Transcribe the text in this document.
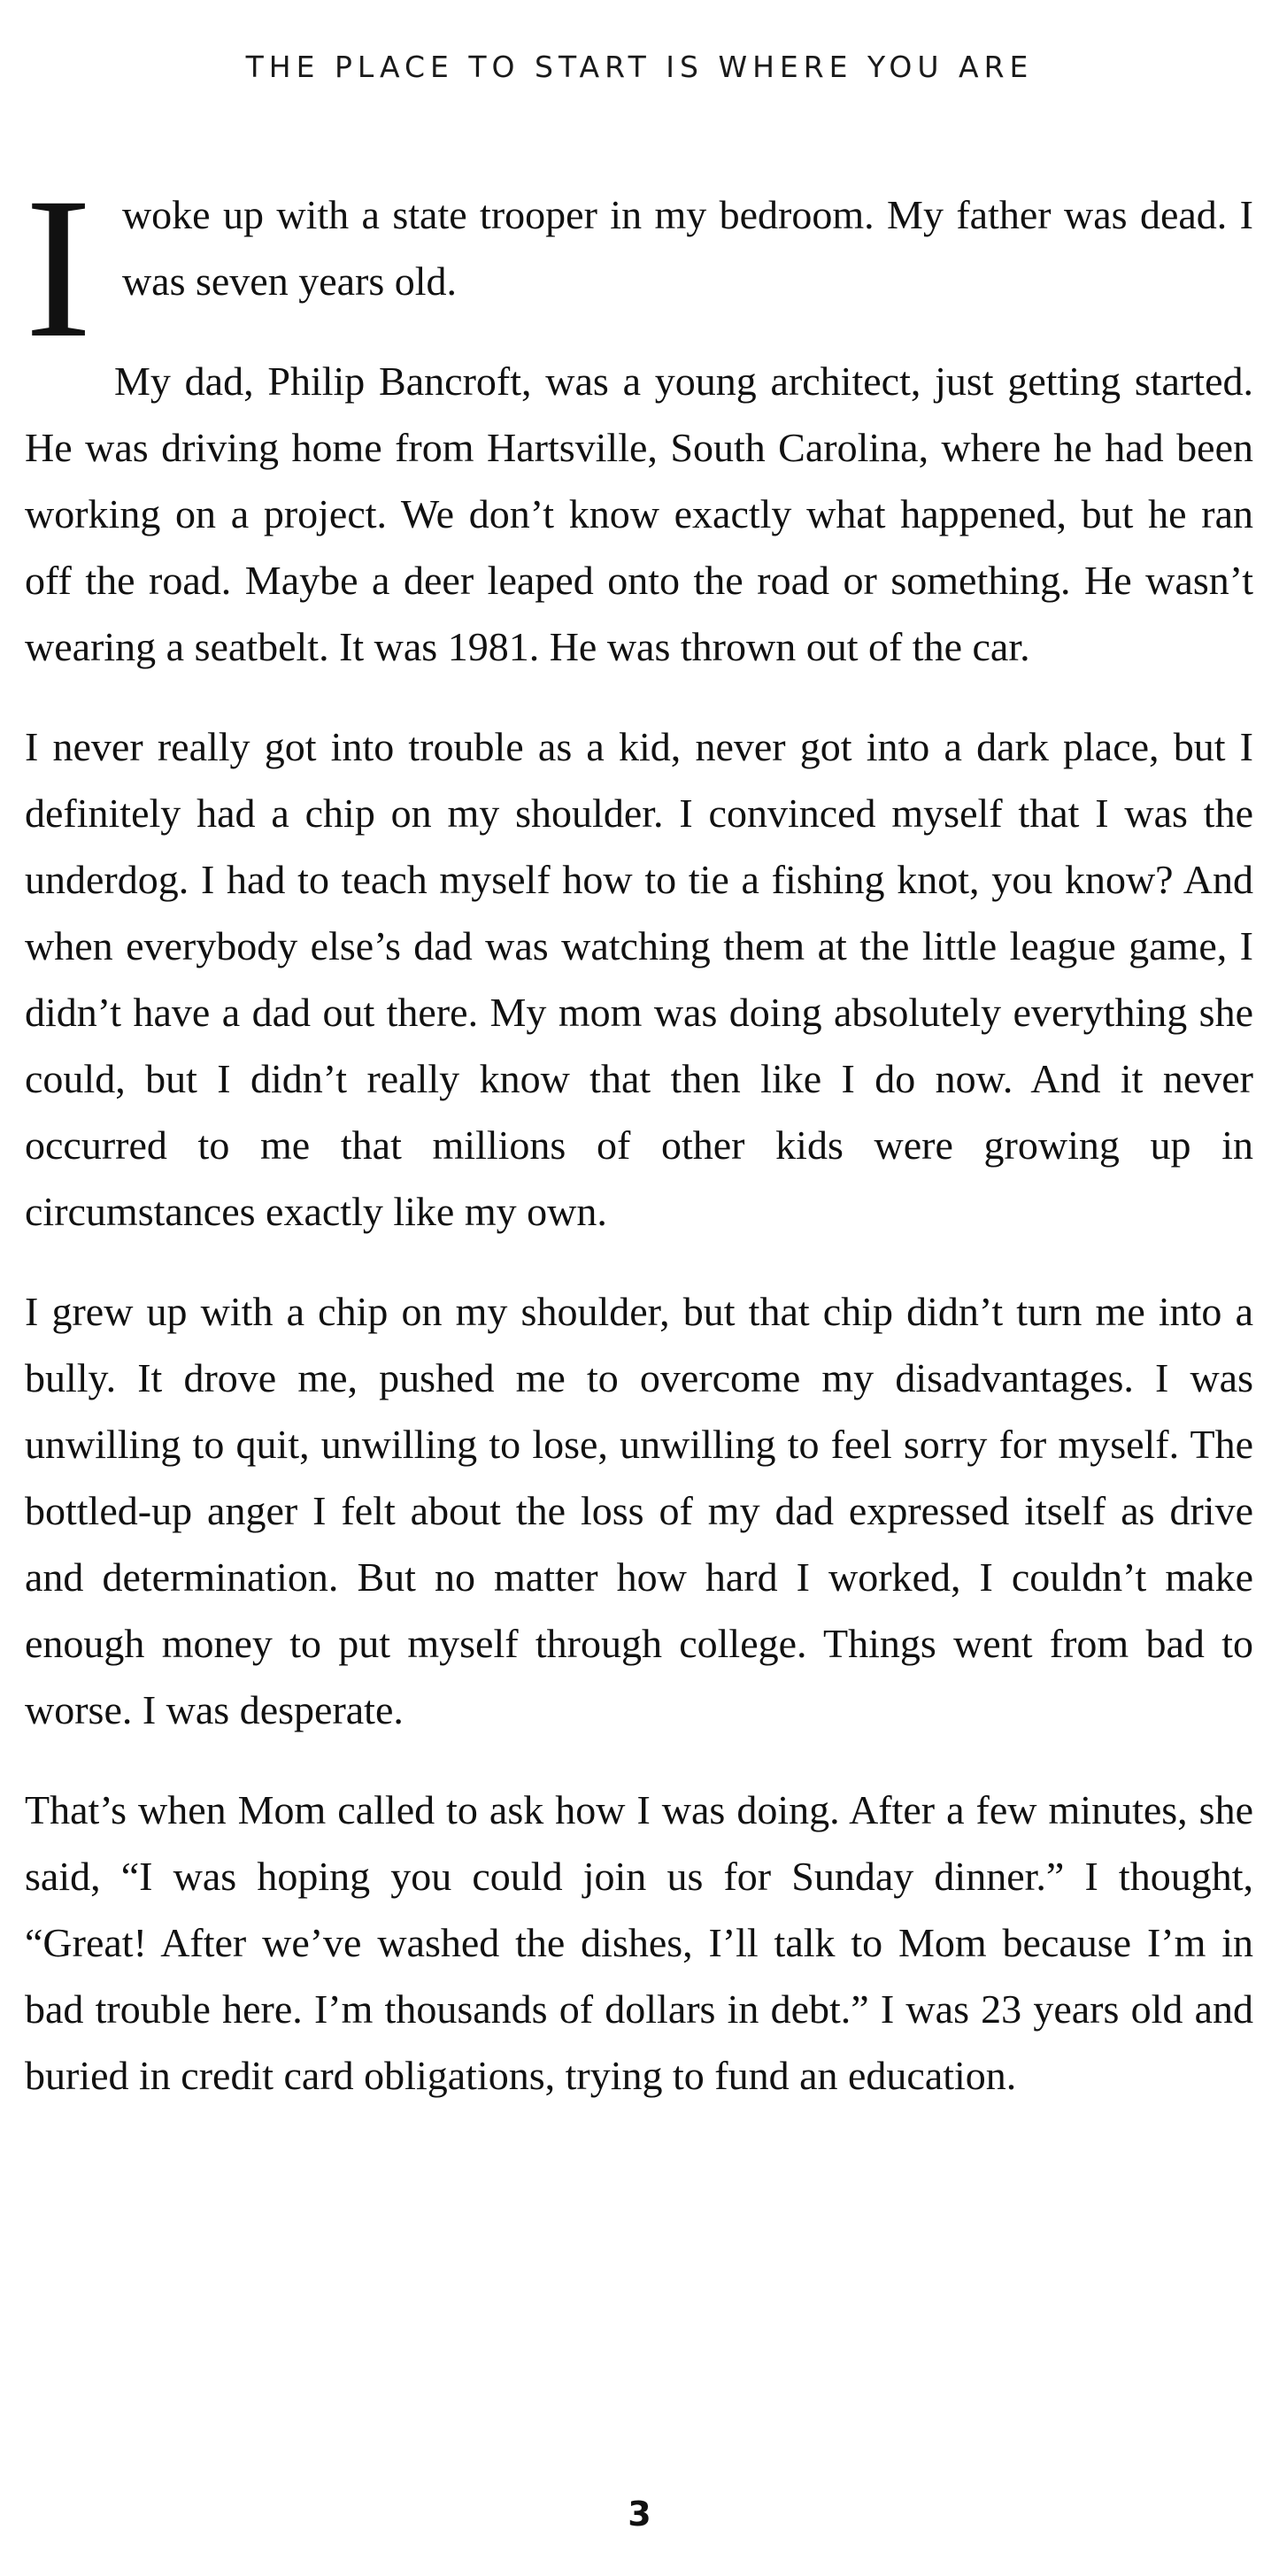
THE PLACE TO START IS WHERE YOU ARE
I woke up with a state trooper in my bedroom. My father was dead. I was seven years old.

My dad, Philip Bancroft, was a young architect, just getting started. He was driving home from Hartsville, South Carolina, where he had been working on a project. We don’t know exactly what happened, but he ran off the road. Maybe a deer leaped onto the road or something. He wasn’t wearing a seatbelt. It was 1981. He was thrown out of the car.

I never really got into trouble as a kid, never got into a dark place, but I definitely had a chip on my shoulder. I convinced myself that I was the underdog. I had to teach myself how to tie a fishing knot, you know? And when everybody else’s dad was watching them at the little league game, I didn’t have a dad out there. My mom was doing absolutely everything she could, but I didn’t really know that then like I do now. And it never occurred to me that millions of other kids were growing up in circumstances exactly like my own.

I grew up with a chip on my shoulder, but that chip didn’t turn me into a bully. It drove me, pushed me to overcome my disadvantages. I was unwilling to quit, unwilling to lose, unwilling to feel sorry for myself. The bottled-up anger I felt about the loss of my dad expressed itself as drive and determination. But no matter how hard I worked, I couldn’t make enough money to put myself through college. Things went from bad to worse. I was desperate.

That’s when Mom called to ask how I was doing. After a few minutes, she said, “I was hoping you could join us for Sunday dinner.” I thought, “Great! After we’ve washed the dishes, I’ll talk to Mom because I’m in bad trouble here. I’m thousands of dollars in debt.” I was 23 years old and buried in credit card obligations, trying to fund an education.

3
